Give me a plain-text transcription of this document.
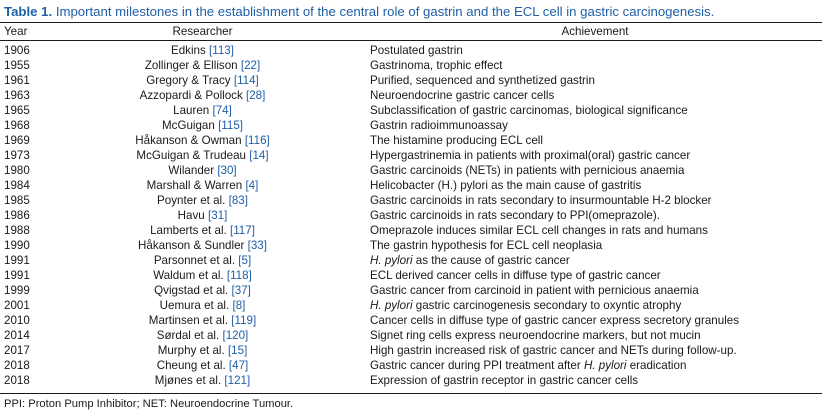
Table 1. Important milestones in the establishment of the central role of gastrin and the ECL cell in gastric carcinogenesis.
Year	Researcher	Achievement
1906	Edkins [113]	Postulated gastrin
1955	Zollinger & Ellison [22]	Gastrinoma, trophic effect
1961	Gregory & Tracy [114]	Purified, sequenced and synthetized gastrin
1963	Azzopardi & Pollock [28]	Neuroendocrine gastric cancer cells
1965	Lauren [74]	Subclassification of gastric carcinomas, biological significance
1968	McGuigan [115]	Gastrin radioimmunoassay
1969	Håkanson & Owman [116]	The histamine producing ECL cell
1973	McGuigan & Trudeau [14]	Hypergastrinemia in patients with proximal(oral) gastric cancer
1980	Wilander [30]	Gastric carcinoids (NETs) in patients with pernicious anaemia
1984	Marshall & Warren [4]	Helicobacter (H.) pylori as the main cause of gastritis
1985	Poynter et al. [83]	Gastric carcinoids in rats secondary to insurmountable H-2 blocker
1986	Havu [31]	Gastric carcinoids in rats secondary to PPI(omeprazole).
1988	Lamberts et al. [117]	Omeprazole induces similar ECL cell changes in rats and humans
1990	Håkanson & Sundler [33]	The gastrin hypothesis for ECL cell neoplasia
1991	Parsonnet et al. [5]	H. pylori as the cause of gastric cancer
1991	Waldum et al. [118]	ECL derived cancer cells in diffuse type of gastric cancer
1999	Qvigstad et al. [37]	Gastric cancer from carcinoid in patient with pernicious anaemia
2001	Uemura et al. [8]	H. pylori gastric carcinogenesis secondary to oxyntic atrophy
2010	Martinsen et al. [119]	Cancer cells in diffuse type of gastric cancer express secretory granules
2014	Sørdal et al. [120]	Signet ring cells express neuroendocrine markers, but not mucin
2017	Murphy et al. [15]	High gastrin increased risk of gastric cancer and NETs during follow-up.
2018	Cheung et al. [47]	Gastric cancer during PPI treatment after H. pylori eradication
2018	Mjønes et al. [121]	Expression of gastrin receptor in gastric cancer cells
PPI: Proton Pump Inhibitor; NET: Neuroendocrine Tumour.
